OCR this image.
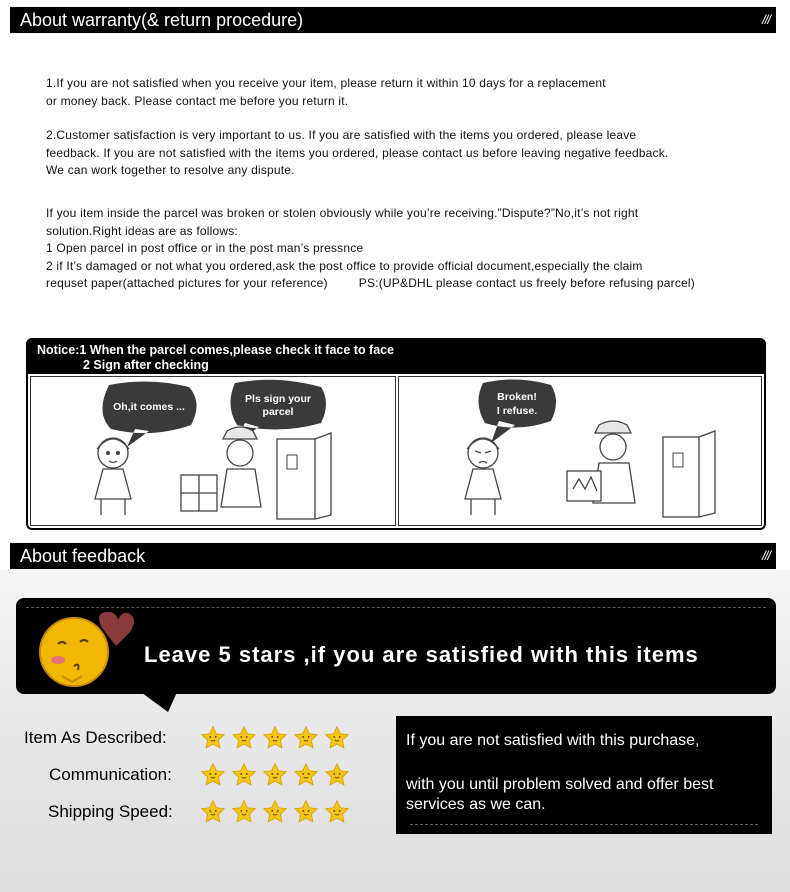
About warranty(& return procedure)	///
1.If you are not satisfied when you receive your item, please return it within 10 days for a replacement
or money back. Please contact me before you return it.
2.Customer satisfaction is very important to us. If you are satisfied with the items you ordered, please leave
feedback. If you are not satisfied with the items you ordered, please contact us before leaving negative feedback.
We can work together to resolve any dispute.
If you item inside the parcel was broken or stolen obviously while you’re receiving.”Dispute?”No,it’s not right
solution.Right ideas are as follows:
1 Open parcel in post office or in the post man’s pressnce
2 if It’s damaged or not what you ordered,ask the post office to provide official document,especially the claim
requset paper(attached pictures for your reference)	PS:(UP&DHL please contact us freely before refusing parcel)
Notice:1 When the parcel comes,please check it face to face
2 Sign after checking
Oh,it comes ...
Pls sign your
parcel
Broken!
I refuse.
About feedback	///
Leave 5 stars ,if you are satisfied with this items
Item As Described:
Communication:
Shipping Speed:
If you are not satisfied with this purchase,
with you until problem solved and offer best
services as we can.
